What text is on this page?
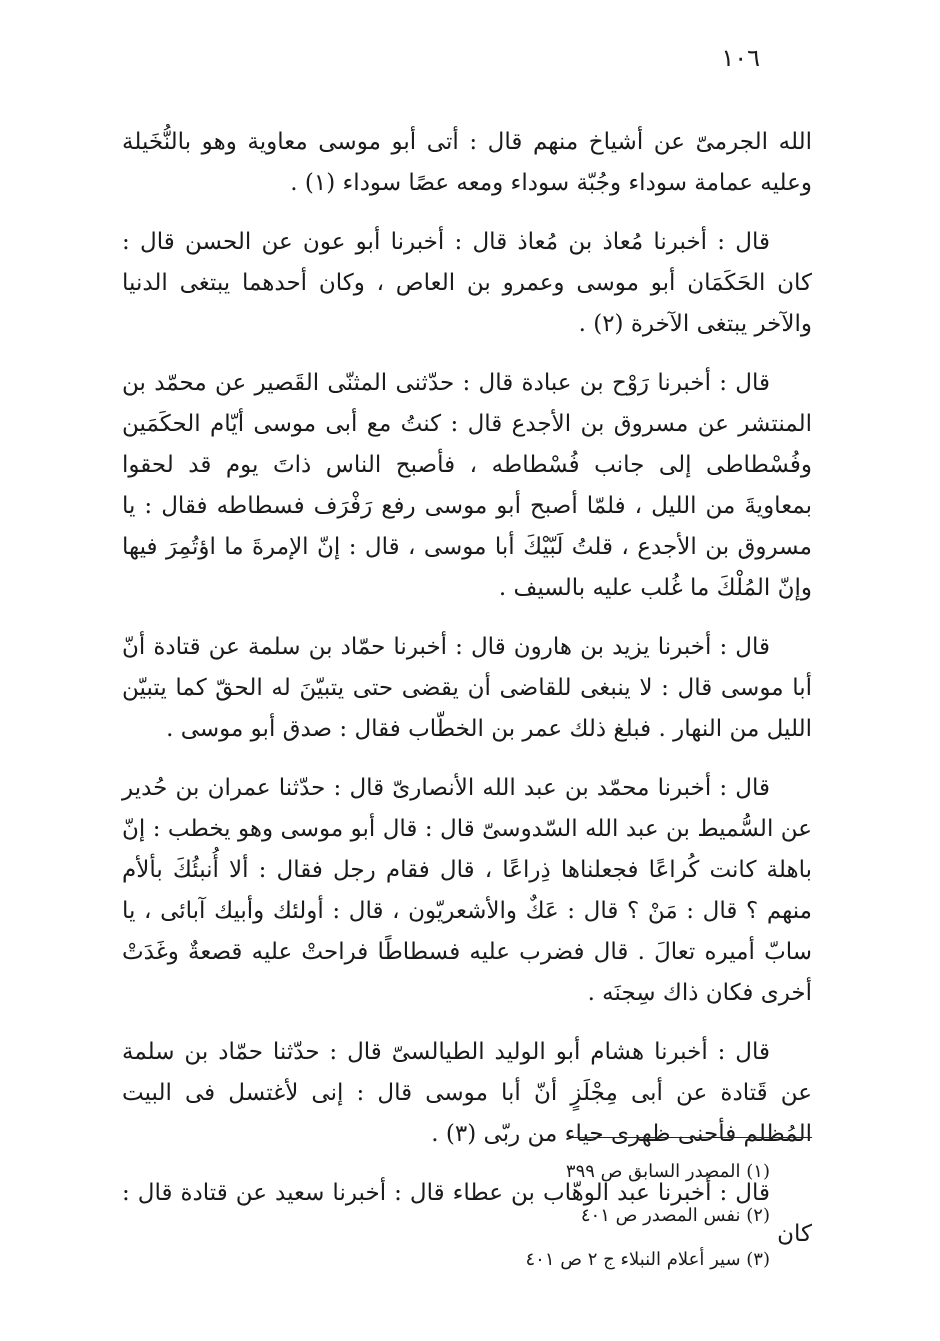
١٠٦

الله الجرمىّ عن أشياخ منهم قال : أتى أبو موسى معاوية وهو بالنُّخَيلة وعليه عمامة سوداء وجُبّة سوداء ومعه عصًا سوداء (١) .

قال : أخبرنا مُعاذ بن مُعاذ قال : أخبرنا أبو عون عن الحسن قال : كان الحَكَمَان أبو موسى وعمرو بن العاص ، وكان أحدهما يبتغى الدنيا والآخر يبتغى الآخرة (٢) .

قال : أخبرنا رَوْح بن عبادة قال : حدّثنى المثنّى القَصير عن محمّد بن المنتشر عن مسروق بن الأجدع قال : كنتُ مع أبى موسى أيّام الحكَمَين وفُسْطاطى إلى جانب فُسْطاطه ، فأصبح الناس ذاتَ يوم قد لحقوا بمعاويةَ من الليل ، فلمّا أصبح أبو موسى رفع رَفْرَف فسطاطه فقال : يا مسروق بن الأجدع ، قلتُ لَبّيْكَ أبا موسى ، قال : إنّ الإمرةَ ما اؤتُمِرَ فيها وإنّ المُلْكَ ما غُلب عليه بالسيف .

قال : أخبرنا يزيد بن هارون قال : أخبرنا حمّاد بن سلمة عن قتادة أنّ أبا موسى قال : لا ينبغى للقاضى أن يقضى حتى يتبيّنَ له الحقّ كما يتبيّن الليل من النهار . فبلغ ذلك عمر بن الخطّاب فقال : صدق أبو موسى .

قال : أخبرنا محمّد بن عبد الله الأنصارىّ قال : حدّثنا عمران بن حُدير عن السُّميط بن عبد الله السّدوسىّ قال : قال أبو موسى وهو يخطب : إنّ باهلة كانت كُراعًا فجعلناها ذِراعًا ، قال فقام رجل فقال : ألا أُنبئُكَ بألأم منهم ؟ قال : مَنْ ؟ قال : عَكٌ والأشعريّون ، قال : أولئك وأبيك آبائى ، يا سابّ أميره تعالَ . قال فضرب عليه فسطاطًا فراحتْ عليه قصعةٌ وغَدَتْ أخرى فكان ذاك سِجنَه .

قال : أخبرنا هشام أبو الوليد الطيالسىّ قال : حدّثنا حمّاد بن سلمة عن قَتادة عن أبى مِجْلَزٍ أنّ أبا موسى قال : إنى لأغتسل فى البيت المُظلم فأحنى ظهرى حياء من ربّى (٣) .

قال : أخبرنا عبد الوهّاب بن عطاء قال : أخبرنا سعيد عن قتادة قال : كان

(١) المصدر السابق ص ٣٩٩

(٢) نفس المصدر ص ٤٠١

(٣) سير أعلام النبلاء ج ٢ ص ٤٠١
